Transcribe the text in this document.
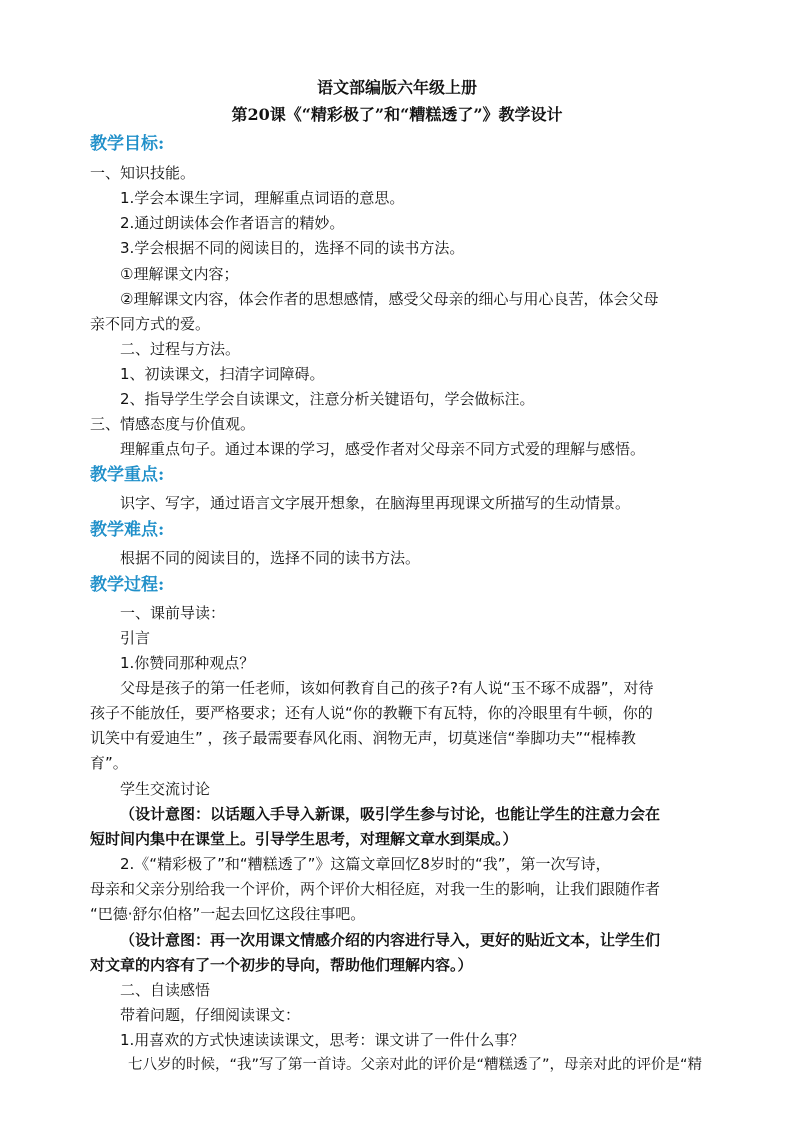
语文部编版六年级上册
第20课《“精彩极了”和“糟糕透了”》教学设计
教学目标:
一、知识技能。
1.学会本课生字词，理解重点词语的意思。
2.通过朗读体会作者语言的精妙。
3.学会根据不同的阅读目的，选择不同的读书方法。
①理解课文内容；
②理解课文内容，体会作者的思想感情，感受父母亲的细心与用心良苦，体会父母
亲不同方式的爱。
二、过程与方法。
1、初读课文，扫清字词障碍。
2、指导学生学会自读课文，注意分析关键语句，学会做标注。
三、情感态度与价值观。
理解重点句子。通过本课的学习，感受作者对父母亲不同方式爱的理解与感悟。
教学重点:
识字、写字，通过语言文字展开想象，在脑海里再现课文所描写的生动情景。
教学难点:
根据不同的阅读目的，选择不同的读书方法。
教学过程:
一、课前导读：
引言
1.你赞同那种观点？
父母是孩子的第一任老师，该如何教育自己的孩子?有人说“玉不琢不成器”，对待
孩子不能放任，要严格要求；还有人说“你的教鞭下有瓦特，你的冷眼里有牛顿，你的
讥笑中有爱迪生” ，孩子最需要春风化雨、润物无声，切莫迷信“拳脚功夫”“棍棒教
育”。
学生交流讨论
（设计意图：以话题入手导入新课，吸引学生参与讨论，也能让学生的注意力会在
短时间内集中在课堂上。引导学生思考，对理解文章水到渠成。）
2.《“精彩极了”和“糟糕透了”》这篇文章回忆8岁时的“我”，第一次写诗，
母亲和父亲分别给我一个评价，两个评价大相径庭，对我一生的影响，让我们跟随作者
“巴德·舒尔伯格”一起去回忆这段往事吧。
（设计意图：再一次用课文情感介绍的内容进行导入，更好的贴近文本，让学生们
对文章的内容有了一个初步的导向，帮助他们理解内容。）
二、自读感悟
带着问题，仔细阅读课文：
1.用喜欢的方式快速读读课文，思考：课文讲了一件什么事？
七八岁的时候，“我”写了第一首诗。父亲对此的评价是“糟糕透了”，母亲对此的评价是“精
